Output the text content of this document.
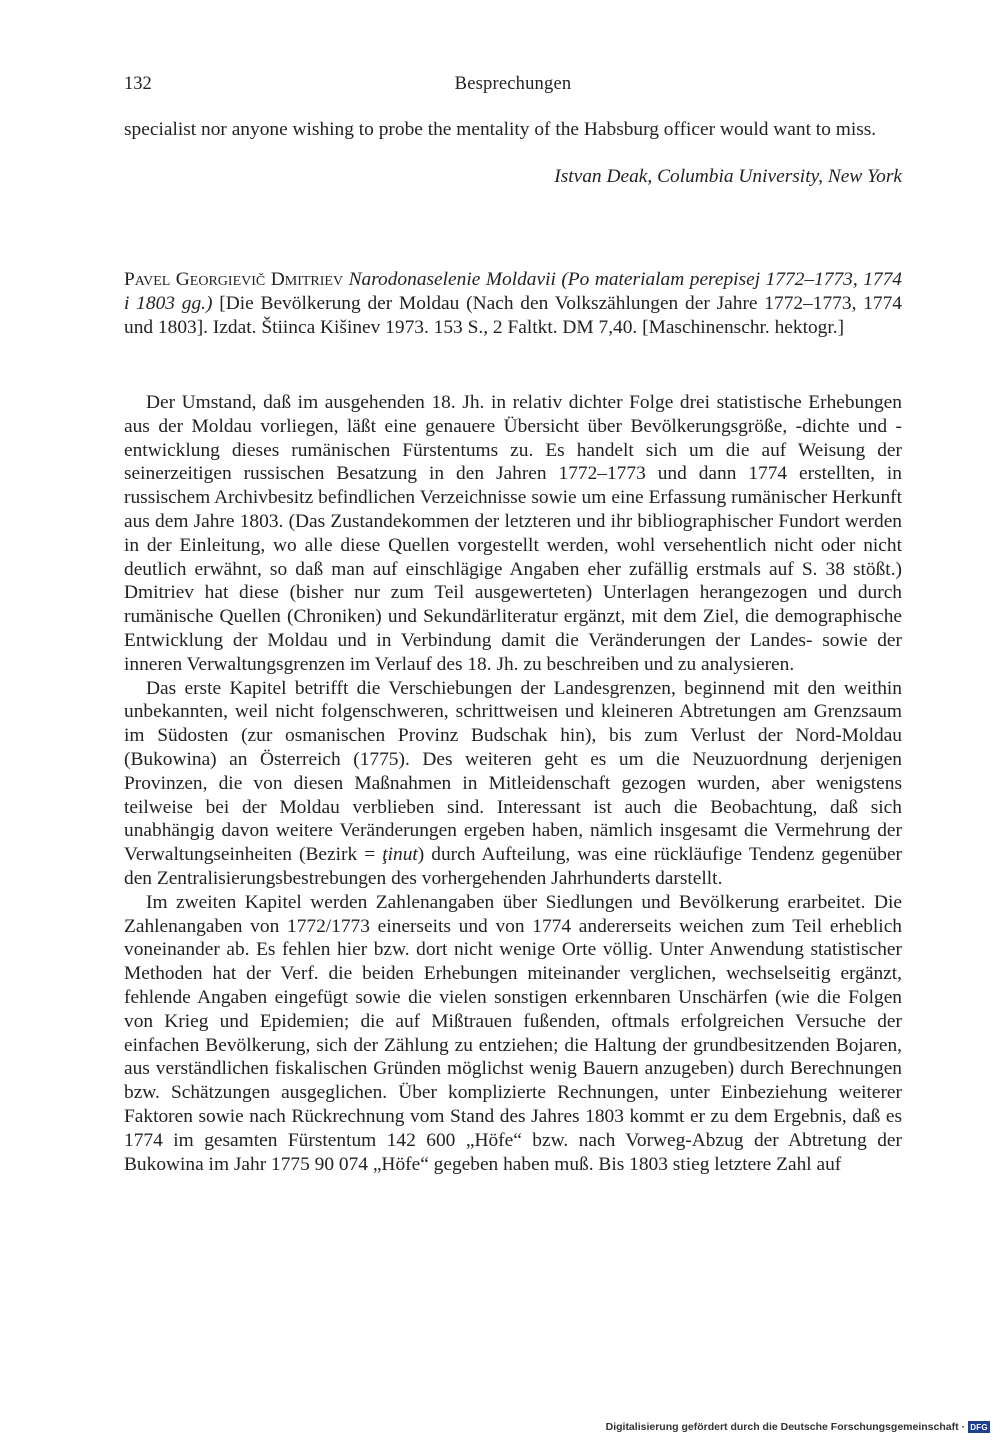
132	Besprechungen
specialist nor anyone wishing to probe the mentality of the Habsburg officer would want to miss.
Istvan Deak, Columbia University, New York
Pavel Georgievič Dmitriev Narodonaselenie Moldavii (Po materialam perepisej 1772–1773, 1774 i 1803 gg.) [Die Bevölkerung der Moldau (Nach den Volkszählungen der Jahre 1772–1773, 1774 und 1803]. Izdat. Štiinca Kišinev 1973. 153 S., 2 Faltkt. DM 7,40. [Maschinenschr. hektogr.]

Der Umstand, daß im ausgehenden 18. Jh. in relativ dichter Folge drei statistische Erhebungen aus der Moldau vorliegen, läßt eine genauere Übersicht über Bevölkerungsgröße, -dichte und -entwicklung dieses rumänischen Fürstentums zu. Es handelt sich um die auf Weisung der seinerzeitigen russischen Besatzung in den Jahren 1772–1773 und dann 1774 erstellten, in russischem Archivbesitz befindlichen Verzeichnisse sowie um eine Erfassung rumänischer Herkunft aus dem Jahre 1803. (Das Zustandekommen der letzteren und ihr bibliographischer Fundort werden in der Einleitung, wo alle diese Quellen vorgestellt werden, wohl versehentlich nicht oder nicht deutlich erwähnt, so daß man auf einschlägige Angaben eher zufällig erstmals auf S. 38 stößt.) Dmitriev hat diese (bisher nur zum Teil ausgewerteten) Unterlagen herangezogen und durch rumänische Quellen (Chroniken) und Sekundärliteratur ergänzt, mit dem Ziel, die demographische Entwicklung der Moldau und in Verbindung damit die Veränderungen der Landes- sowie der inneren Verwaltungsgrenzen im Verlauf des 18. Jh. zu beschreiben und zu analysieren.

Das erste Kapitel betrifft die Verschiebungen der Landesgrenzen, beginnend mit den weithin unbekannten, weil nicht folgenschweren, schrittweisen und kleineren Abtretungen am Grenzsaum im Südosten (zur osmanischen Provinz Budschak hin), bis zum Verlust der Nord-Moldau (Bukowina) an Österreich (1775). Des weiteren geht es um die Neuzuordnung derjenigen Provinzen, die von diesen Maßnahmen in Mitleidenschaft gezogen wurden, aber wenigstens teilweise bei der Moldau verblieben sind. Interessant ist auch die Beobachtung, daß sich unabhängig davon weitere Veränderungen ergeben haben, nämlich insgesamt die Vermehrung der Verwaltungseinheiten (Bezirk = ţinut) durch Aufteilung, was eine rückläufige Tendenz gegenüber den Zentralisierungsbestrebungen des vorhergehenden Jahrhunderts darstellt.

Im zweiten Kapitel werden Zahlenangaben über Siedlungen und Bevölkerung erarbeitet. Die Zahlenangaben von 1772/1773 einerseits und von 1774 andererseits weichen zum Teil erheblich voneinander ab. Es fehlen hier bzw. dort nicht wenige Orte völlig. Unter Anwendung statistischer Methoden hat der Verf. die beiden Erhebungen miteinander verglichen, wechselseitig ergänzt, fehlende Angaben eingefügt sowie die vielen sonstigen erkennbaren Unschärfen (wie die Folgen von Krieg und Epidemien; die auf Mißtrauen fußenden, oftmals erfolgreichen Versuche der einfachen Bevölkerung, sich der Zählung zu entziehen; die Haltung der grundbesitzenden Bojaren, aus verständlichen fiskalischen Gründen möglichst wenig Bauern anzugeben) durch Berechnungen bzw. Schätzungen ausgeglichen. Über komplizierte Rechnungen, unter Einbeziehung weiterer Faktoren sowie nach Rückrechnung vom Stand des Jahres 1803 kommt er zu dem Ergebnis, daß es 1774 im gesamten Fürstentum 142 600 „Höfe“ bzw. nach Vorweg-Abzug der Abtretung der Bukowina im Jahr 1775 90 074 „Höfe“ gegeben haben muß. Bis 1803 stieg letztere Zahl auf

Digitalisierung gefördert durch die Deutsche Forschungsgemeinschaft · DFG
